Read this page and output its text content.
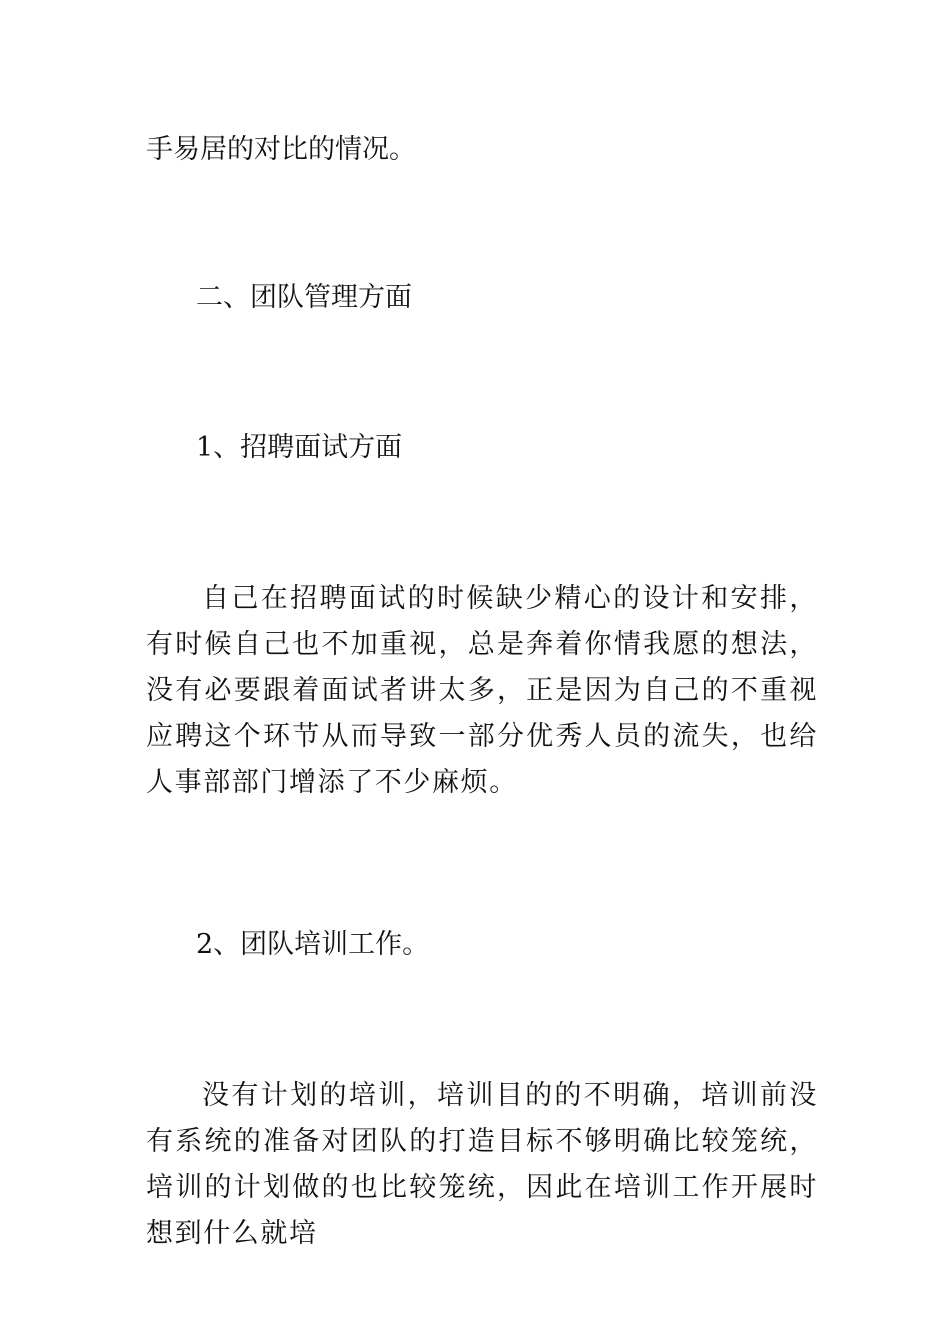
手易居的对比的情况。

二、团队管理方面

1、招聘面试方面

自己在招聘面试的时候缺少精心的设计和安排，有时候自己也不加重视，总是奔着你情我愿的想法，没有必要跟着面试者讲太多，正是因为自己的不重视应聘这个环节从而导致一部分优秀人员的流失，也给人事部部门增添了不少麻烦。

2、团队培训工作。

没有计划的培训，培训目的的不明确，培训前没有系统的准备对团队的打造目标不够明确比较笼统，培训的计划做的也比较笼统，因此在培训工作开展时想到什么就培
